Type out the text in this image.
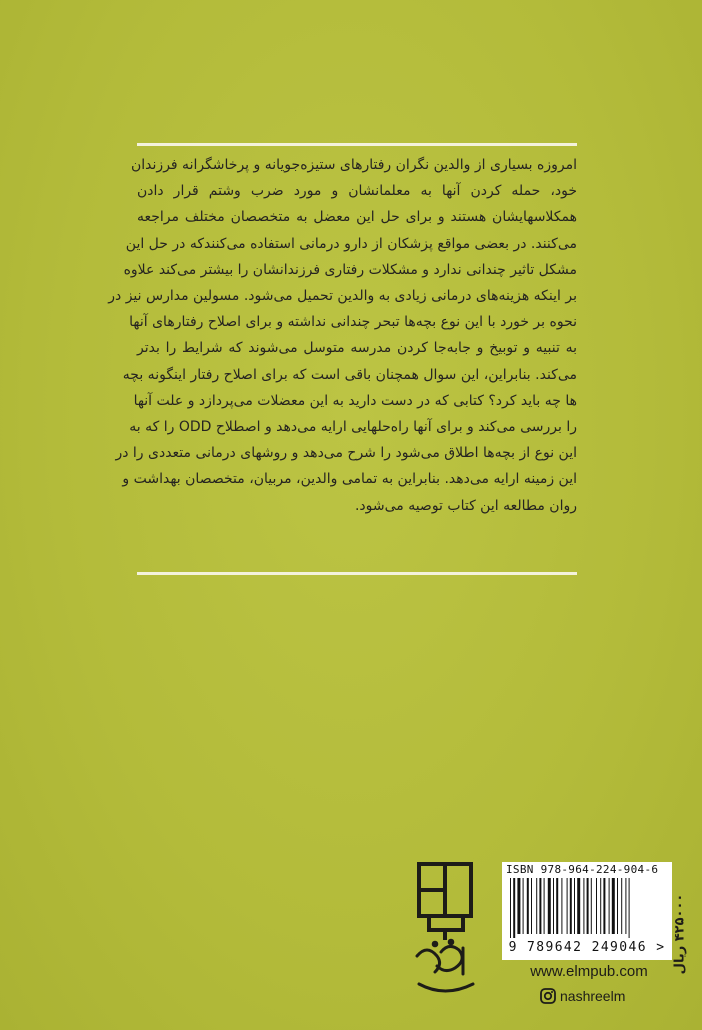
امروزه بسیاری از والدین نگران رفتارهای ستیزه‌جویانه و پرخاشگرانه فرزندان
خود، حمله کردن آنها به معلمانشان و مورد ضرب وشتم قرار دادن
همکلاسهایشان هستند و برای حل این معضل به متخصصان مختلف مراجعه
می‌کنند. در بعضی مواقع پزشکان از دارو درمانی استفاده می‌کنندکه در حل این
مشکل تاثیر چندانی ندارد و مشکلات رفتاری فرزندانشان را بیشتر می‌کند علاوه
بر اینکه هزینه‌های درمانی زیادی به والدین تحمیل می‌شود. مسولین مدارس نیز در
نحوه بر خورد با این نوع بچه‌ها تبحر چندانی نداشته و برای اصلاح رفتارهای آنها
به تنبیه و توبیخ و جابه‌جا کردن مدرسه متوسل می‌شوند که شرایط را بدتر
می‌کند. بنابراین، این سوال همچنان باقی است که برای اصلاح رفتار اینگونه بچه
ها چه باید کرد؟ کتابی که در دست دارید به این معضلات می‌پردازد و علت آنها
را بررسی می‌کند و برای آنها راه‌حلهایی ارایه می‌دهد و اصطلاح ODD را که به
این نوع از بچه‌ها اطلاق می‌شود را شرح می‌دهد و روشهای درمانی متعددی را در
این زمینه ارایه می‌دهد. بنابراین به تمامی والدین، مربیان، متخصصان بهداشت و
روان مطالعه این کتاب توصیه می‌شود.
ISBN 978-964-224-904-6
9 789642 249046 > ۴۲۵۰۰۰ ریال
www.elmpub.com
nashreelm
